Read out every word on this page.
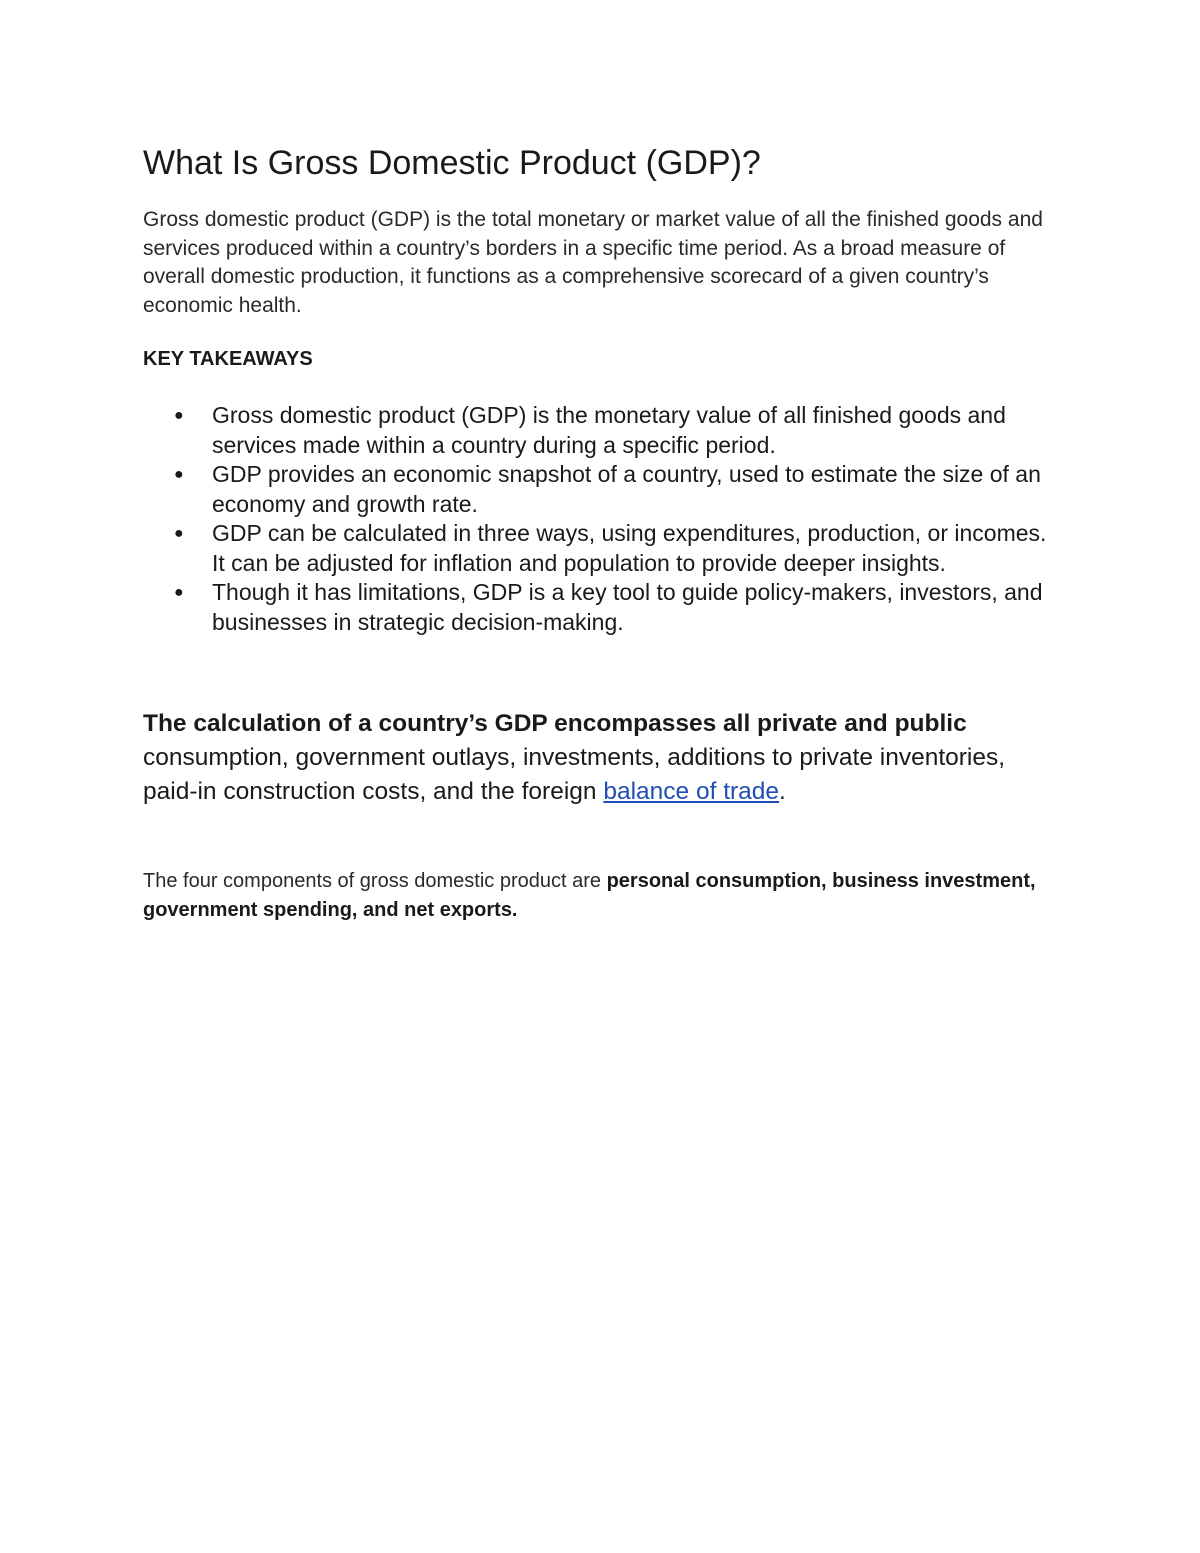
What Is Gross Domestic Product (GDP)?

Gross domestic product (GDP) is the total monetary or market value of all the finished goods and services produced within a country’s borders in a specific time period. As a broad measure of overall domestic production, it functions as a comprehensive scorecard of a given country’s economic health.

KEY TAKEAWAYS
● Gross domestic product (GDP) is the monetary value of all finished goods and services made within a country during a specific period.
● GDP provides an economic snapshot of a country, used to estimate the size of an economy and growth rate.
● GDP can be calculated in three ways, using expenditures, production, or incomes. It can be adjusted for inflation and population to provide deeper insights.
● Though it has limitations, GDP is a key tool to guide policy-makers, investors, and businesses in strategic decision-making.

The calculation of a country’s GDP encompasses all private and public consumption, government outlays, investments, additions to private inventories, paid-in construction costs, and the foreign balance of trade.

The four components of gross domestic product are personal consumption, business investment, government spending, and net exports.
